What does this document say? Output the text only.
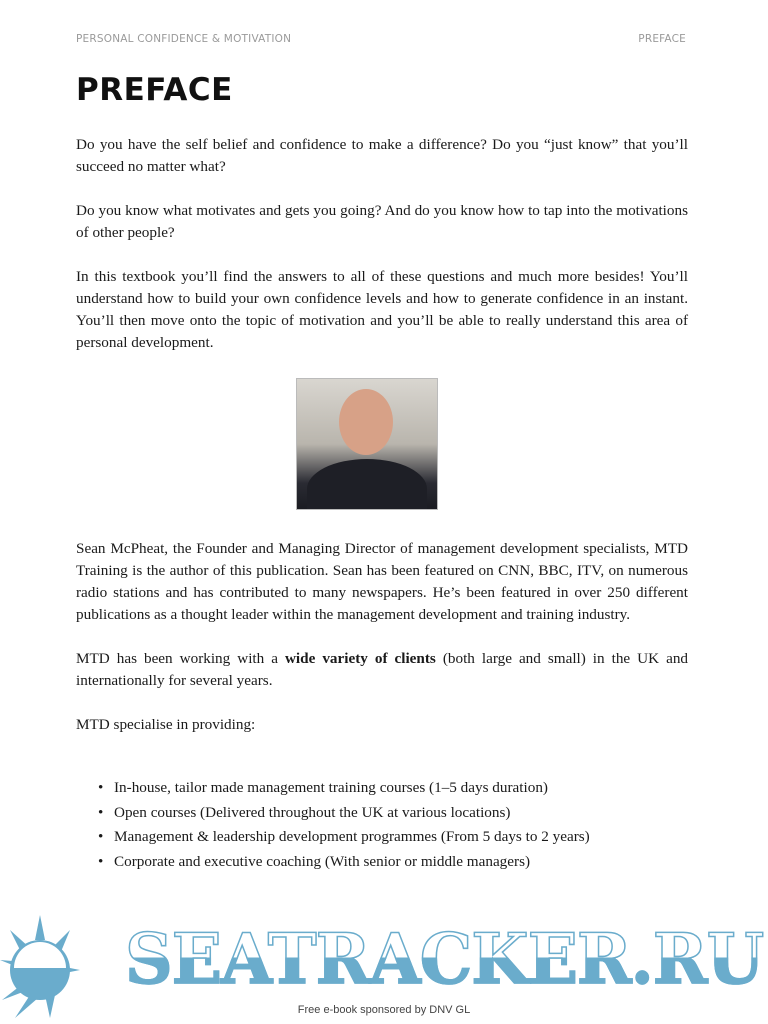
PERSONAL CONFIDENCE & MOTIVATION	PREFACE
PREFACE

Do you have the self belief and confidence to make a difference? Do you “just know” that you’ll succeed no matter what?

Do you know what motivates and gets you going? And do you know how to tap into the motivations of other people?

In this textbook you’ll find the answers to all of these questions and much more besides! You’ll understand how to build your own confidence levels and how to generate confidence in an instant. You’ll then move onto the topic of motivation and you’ll be able to really understand this area of personal development.

Sean McPheat, the Founder and Managing Director of management development specialists, MTD Training is the author of this publication. Sean has been featured on CNN, BBC, ITV, on numerous radio stations and has contributed to many newspapers. He’s been featured in over 250 different publications as a thought leader within the management development and training industry.

MTD has been working with a wide variety of clients (both large and small) in the UK and internationally for several years.

MTD specialise in providing:

• In-house, tailor made management training courses (1–5 days duration)
• Open courses (Delivered throughout the UK at various locations)
• Management & leadership development programmes (From 5 days to 2 years)
• Corporate and executive coaching (With senior or middle managers)
SEATRACKER.RU
Free e-book sponsored by DNV GL
